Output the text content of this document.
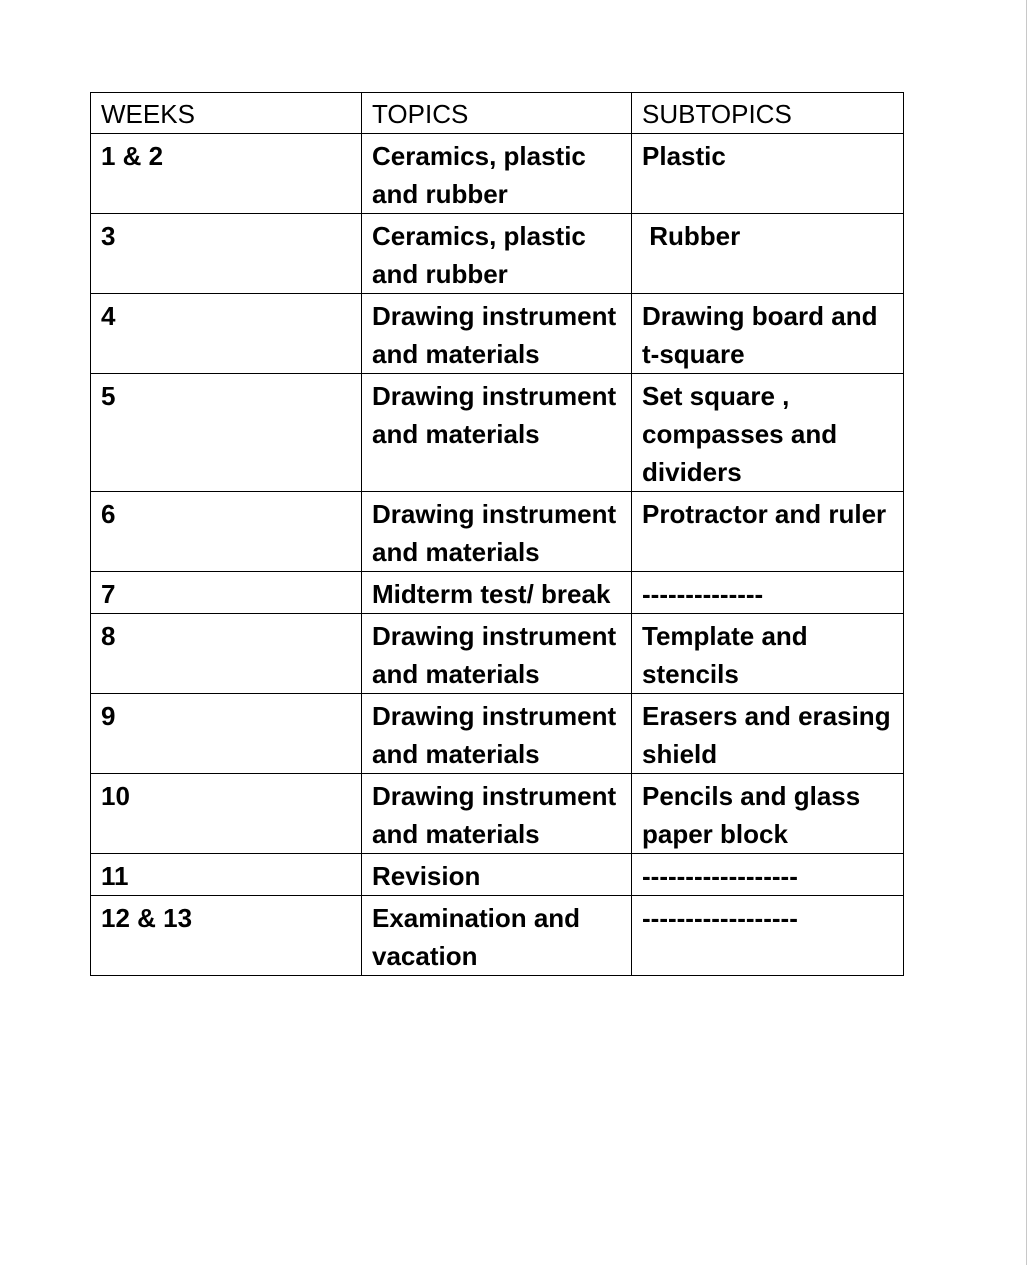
WEEKS	TOPICS	SUBTOPICS
1 & 2	Ceramics, plastic and rubber	Plastic
3	Ceramics, plastic and rubber	Rubber
4	Drawing instrument and materials	Drawing board and t-square
5	Drawing instrument and materials	Set square , compasses and dividers
6	Drawing instrument and materials	Protractor and ruler
7	Midterm test/ break	--------------
8	Drawing instrument and materials	Template and stencils
9	Drawing instrument and materials	Erasers and erasing shield
10	Drawing instrument and materials	Pencils and glass paper block
11	Revision	------------------
12 & 13	Examination and vacation	------------------
